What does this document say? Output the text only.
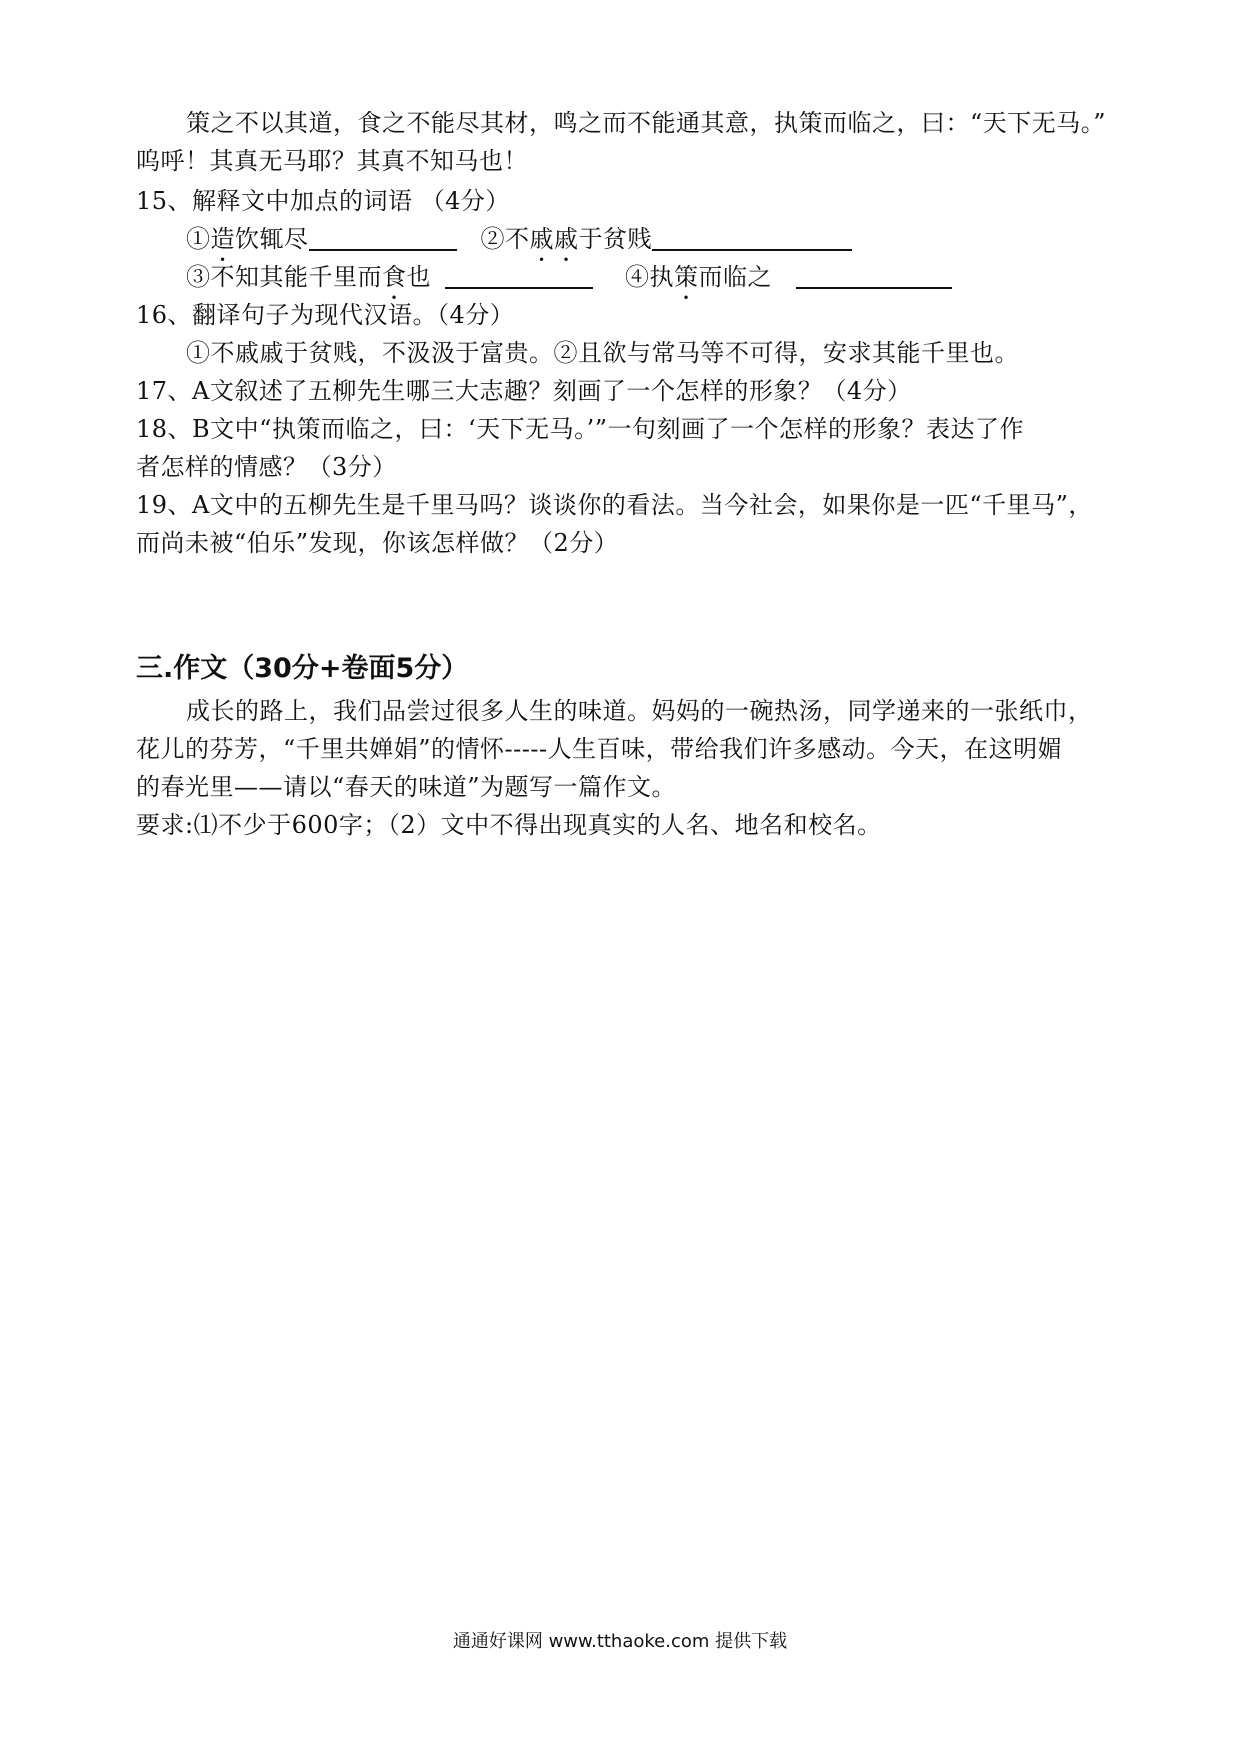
策之不以其道，食之不能尽其材，鸣之而不能通其意，执策而临之，曰：“天下无马。”
呜呼！其真无马耶？其真不知马也！
15、解释文中加点的词语 （4分）
①造饮辄尽	②不戚戚于贫贱
③不知其能千里而食也	④执策而临之
16、翻译句子为现代汉语。（4分）
①不戚戚于贫贱，不汲汲于富贵。②且欲与常马等不可得，安求其能千里也。
17、A文叙述了五柳先生哪三大志趣？刻画了一个怎样的形象？（4分）
18、B文中“执策而临之，曰：‘天下无马。’”一句刻画了一个怎样的形象？表达了作
者怎样的情感？（3分）
19、A文中的五柳先生是千里马吗？谈谈你的看法。当今社会，如果你是一匹“千里马”，
而尚未被“伯乐”发现，你该怎样做？（2分）
三.作文（30分+卷面5分）
成长的路上，我们品尝过很多人生的味道。妈妈的一碗热汤，同学递来的一张纸巾，
花儿的芬芳，“千里共婵娟”的情怀-----人生百味，带给我们许多感动。今天，在这明媚
的春光里——请以“春天的味道”为题写一篇作文。
要求:⑴不少于600字；（2）文中不得出现真实的人名、地名和校名。
通通好课网 www.tthaoke.com 提供下载
